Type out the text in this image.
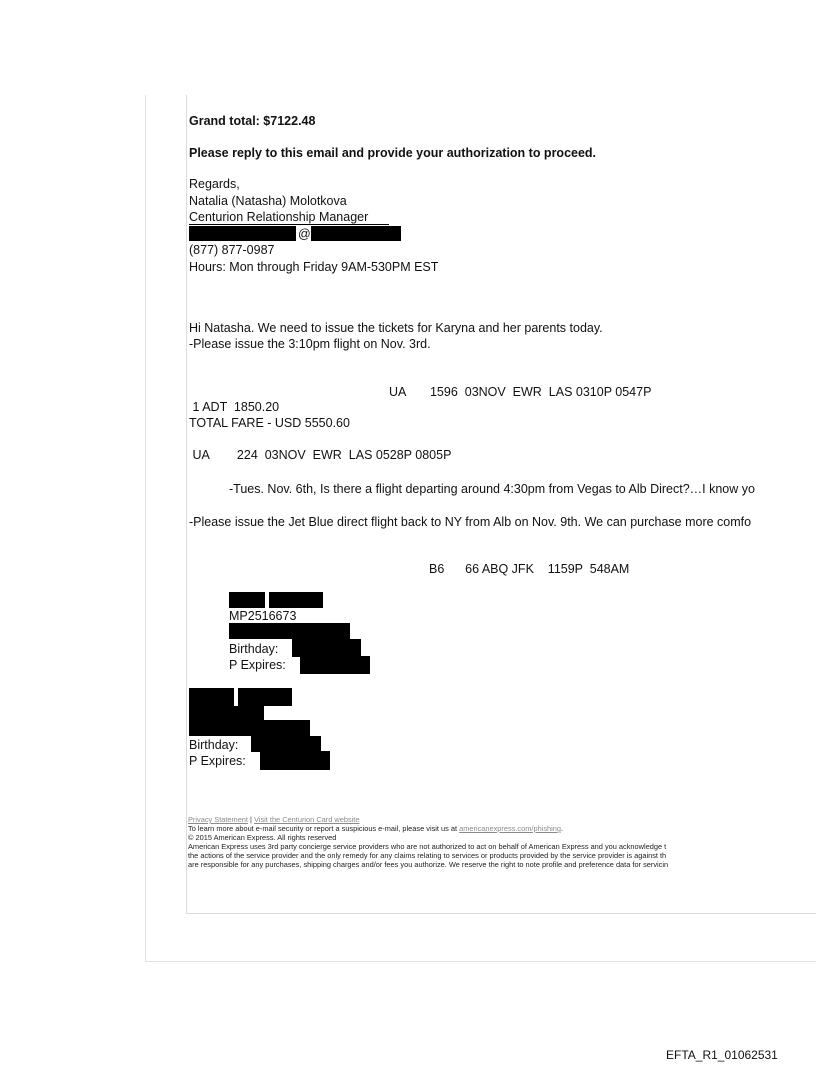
Grand total: $7122.48
Please reply to this email and provide your authorization to proceed.
Regards,
Natalia (Natasha) Molotkova
Centurion Relationship Manager
@
(877) 877-0987
Hours: Mon through Friday 9AM-530PM EST
Hi Natasha. We need to issue the tickets for Karyna and her parents today.
-Please issue the 3:10pm flight on Nov. 3rd.
UA       1596  03NOV  EWR  LAS 0310P 0547P
1 ADT  1850.20
TOTAL FARE - USD 5550.60
UA        224  03NOV  EWR  LAS 0528P 0805P
-Tues. Nov. 6th, Is there a flight departing around 4:30pm from Vegas to Alb Direct?…I know yo
-Please issue the Jet Blue direct flight back to NY from Alb on Nov. 9th. We can purchase more comfo
B6      66 ABQ JFK    1159P  548AM
MP2516673
Birthday:
P Expires:
Birthday:
P Expires:
Privacy Statement | Visit the Centurion Card website
To learn more about e-mail security or report a suspicious e-mail, please visit us at americanexpress.com/phishing.
© 2015 American Express. All rights reserved
American Express uses 3rd party concierge service providers who are not authorized to act on behalf of American Express and you acknowledge t
the actions of the service provider and the only remedy for any claims relating to services or products provided by the service provider is against th
are responsible for any purchases, shipping charges and/or fees you authorize. We reserve the right to note profile and preference data for servicin
EFTA_R1_01062531
